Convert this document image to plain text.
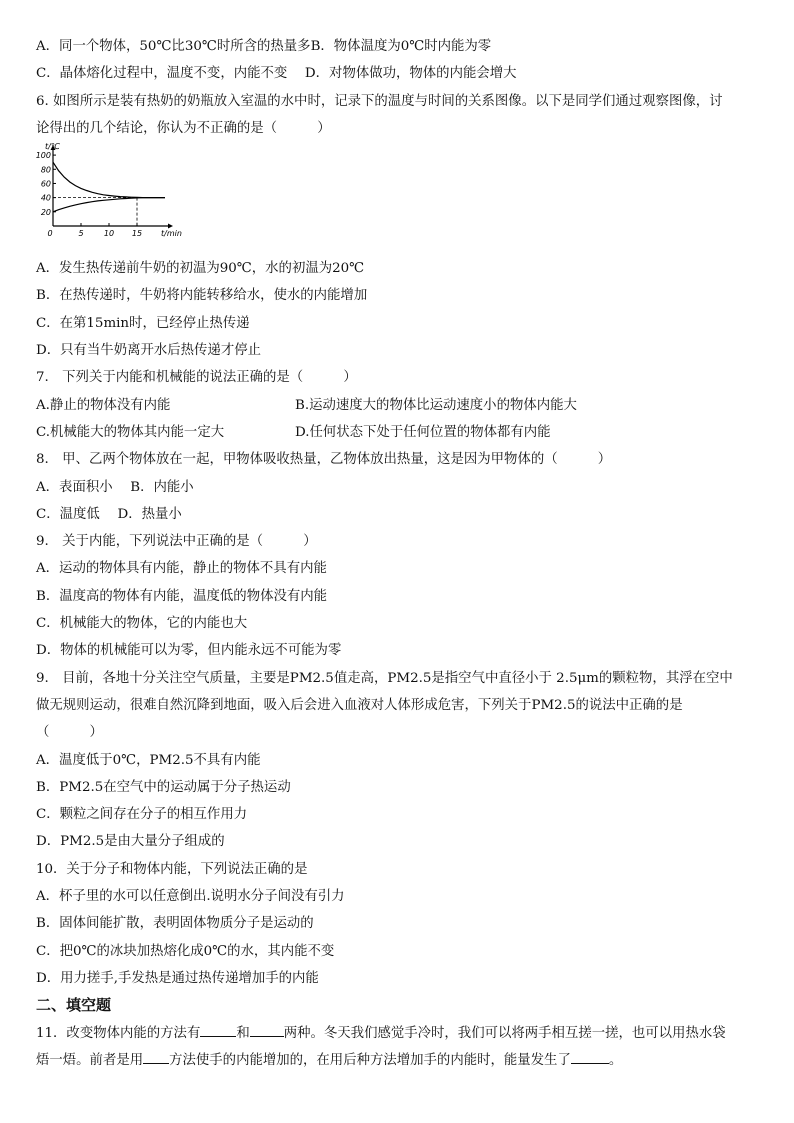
A．同一个物体，50℃比30℃时所含的热量多B．物体温度为0℃时内能为零
C．晶体熔化过程中，温度不变，内能不变　 D．对物体做功，物体的内能会增大
6. 如图所示是装有热奶的奶瓶放入室温的水中时，记录下的温度与时间的关系图像。以下是同学们通过观察图像，讨
论得出的几个结论，你认为不正确的是（　　　）
100
80
60
40
20
5	10 15
0
t/℃
t/min
A．发生热传递前牛奶的初温为90℃，水的初温为20℃
B．在热传递时，牛奶将内能转移给水，使水的内能增加
C．在第15min时，已经停止热传递
D．只有当牛奶离开水后热传递才停止
7.　下列关于内能和机械能的说法正确的是（　　　）
A.静止的物体没有内能	B.运动速度大的物体比运动速度小的物体内能大
C.机械能大的物体其内能一定大	D.任何状态下处于任何位置的物体都有内能
8.　甲、乙两个物体放在一起，甲物体吸收热量，乙物体放出热量，这是因为甲物体的（　　　）
A．表面积小　 B．内能小
C．温度低　 D．热量小
9.　关于内能，下列说法中正确的是（　　　）
A．运动的物体具有内能，静止的物体不具有内能
B．温度高的物体有内能，温度低的物体没有内能
C．机械能大的物体，它的内能也大
D．物体的机械能可以为零，但内能永远不可能为零
9.　目前，各地十分关注空气质量，主要是PM2.5值走高，PM2.5是指空气中直径小于 2.5μm的颗粒物，其浮在空中
做无规则运动，很难自然沉降到地面，吸入后会进入血液对人体形成危害，下列关于PM2.5的说法中正确的是
（　　　）
A．温度低于0℃，PM2.5不具有内能
B．PM2.5在空气中的运动属于分子热运动
C．颗粒之间存在分子的相互作用力
D．PM2.5是由大量分子组成的
10．关于分子和物体内能，下列说法正确的是
A．杯子里的水可以任意倒出.说明水分子间没有引力
B．固体间能扩散，表明固体物质分子是运动的
C．把0℃的冰块加热熔化成0℃的水，其内能不变
D．用力搓手,手发热是通过热传递增加手的内能
二、填空题
11．改变物体内能的方法有	和	两种。冬天我们感觉手冷时，我们可以将两手相互搓一搓，也可以用热水袋
焐一焐。前者是用 方法使手的内能增加的，在用后种方法增加手的内能时，能量发生了	。
